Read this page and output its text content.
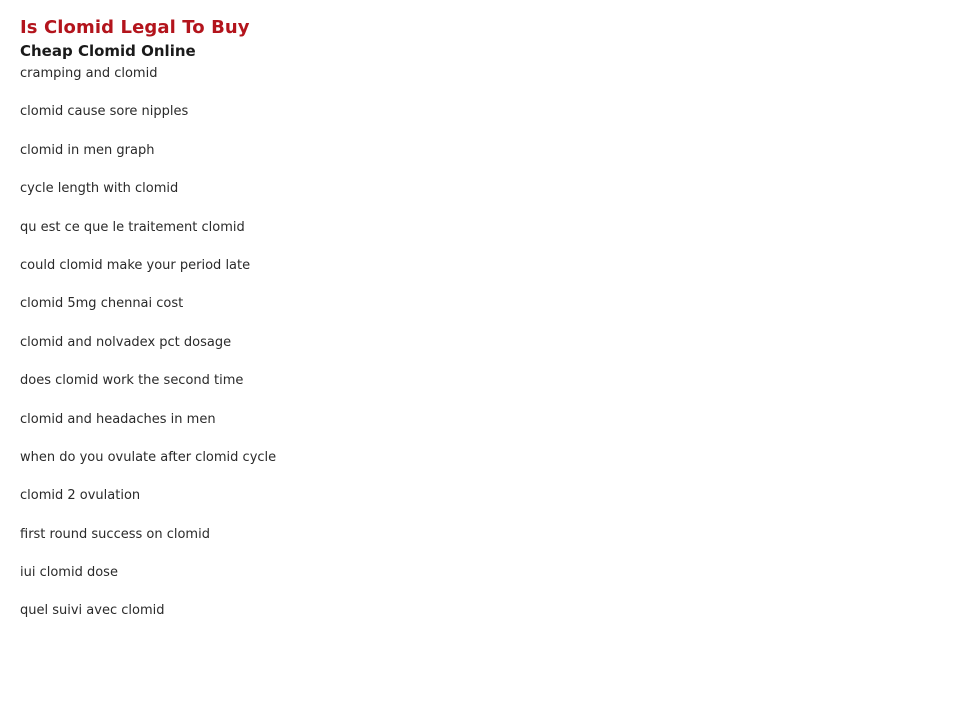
Is Clomid Legal To Buy
Cheap Clomid Online
cramping and clomid
clomid cause sore nipples
clomid in men graph
cycle length with clomid
qu est ce que le traitement clomid
could clomid make your period late
clomid 5mg chennai cost
clomid and nolvadex pct dosage
does clomid work the second time
clomid and headaches in men
when do you ovulate after clomid cycle
clomid 2 ovulation
first round success on clomid
iui clomid dose
quel suivi avec clomid
